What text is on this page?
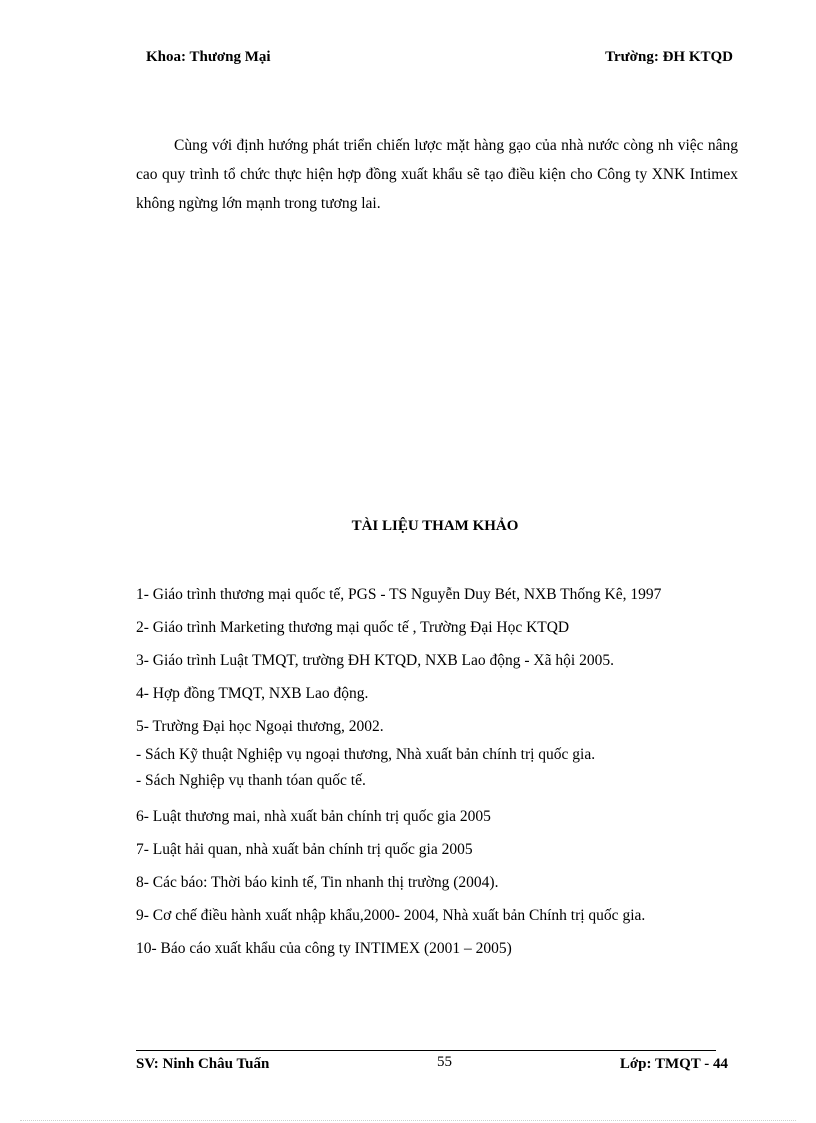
Khoa: Thương Mại	Trường: ĐH KTQD
Cùng với định hướng phát triển chiến lược mặt hàng gạo của nhà nước còng nh việc nâng cao quy trình tổ chức thực hiện hợp đồng xuất khẩu sẽ tạo điều kiện cho Công ty XNK Intimex không ngừng lớn mạnh trong tương lai.
TÀI LIỆU THAM KHẢO
1- Giáo trình thương mại quốc tế, PGS - TS Nguyễn Duy Bét, NXB Thống Kê, 1997
2- Giáo trình Marketing thương mại quốc tế , Trường Đại Học KTQD
3- Giáo trình Luật TMQT, trường ĐH KTQD, NXB Lao động - Xã hội 2005.
4- Hợp đồng TMQT, NXB Lao động.
5- Trường Đại học Ngoại thương, 2002.
- Sách Kỹ thuật Nghiệp vụ ngoại thương, Nhà xuất bản chính trị quốc gia.
- Sách Nghiệp vụ thanh tóan quốc tế.
6- Luật thương mai, nhà xuất bản chính trị quốc gia 2005
7- Luật hải quan, nhà xuất bản chính trị quốc gia 2005
8- Các báo: Thời báo kinh tế, Tin nhanh thị trường (2004).
9- Cơ chế điều hành xuất nhập khẩu,2000- 2004, Nhà xuất bản Chính trị quốc gia.
10- Báo cáo xuất khẩu của công ty INTIMEX (2001 – 2005)
SV: Ninh Châu Tuấn	55	Lớp: TMQT - 44
